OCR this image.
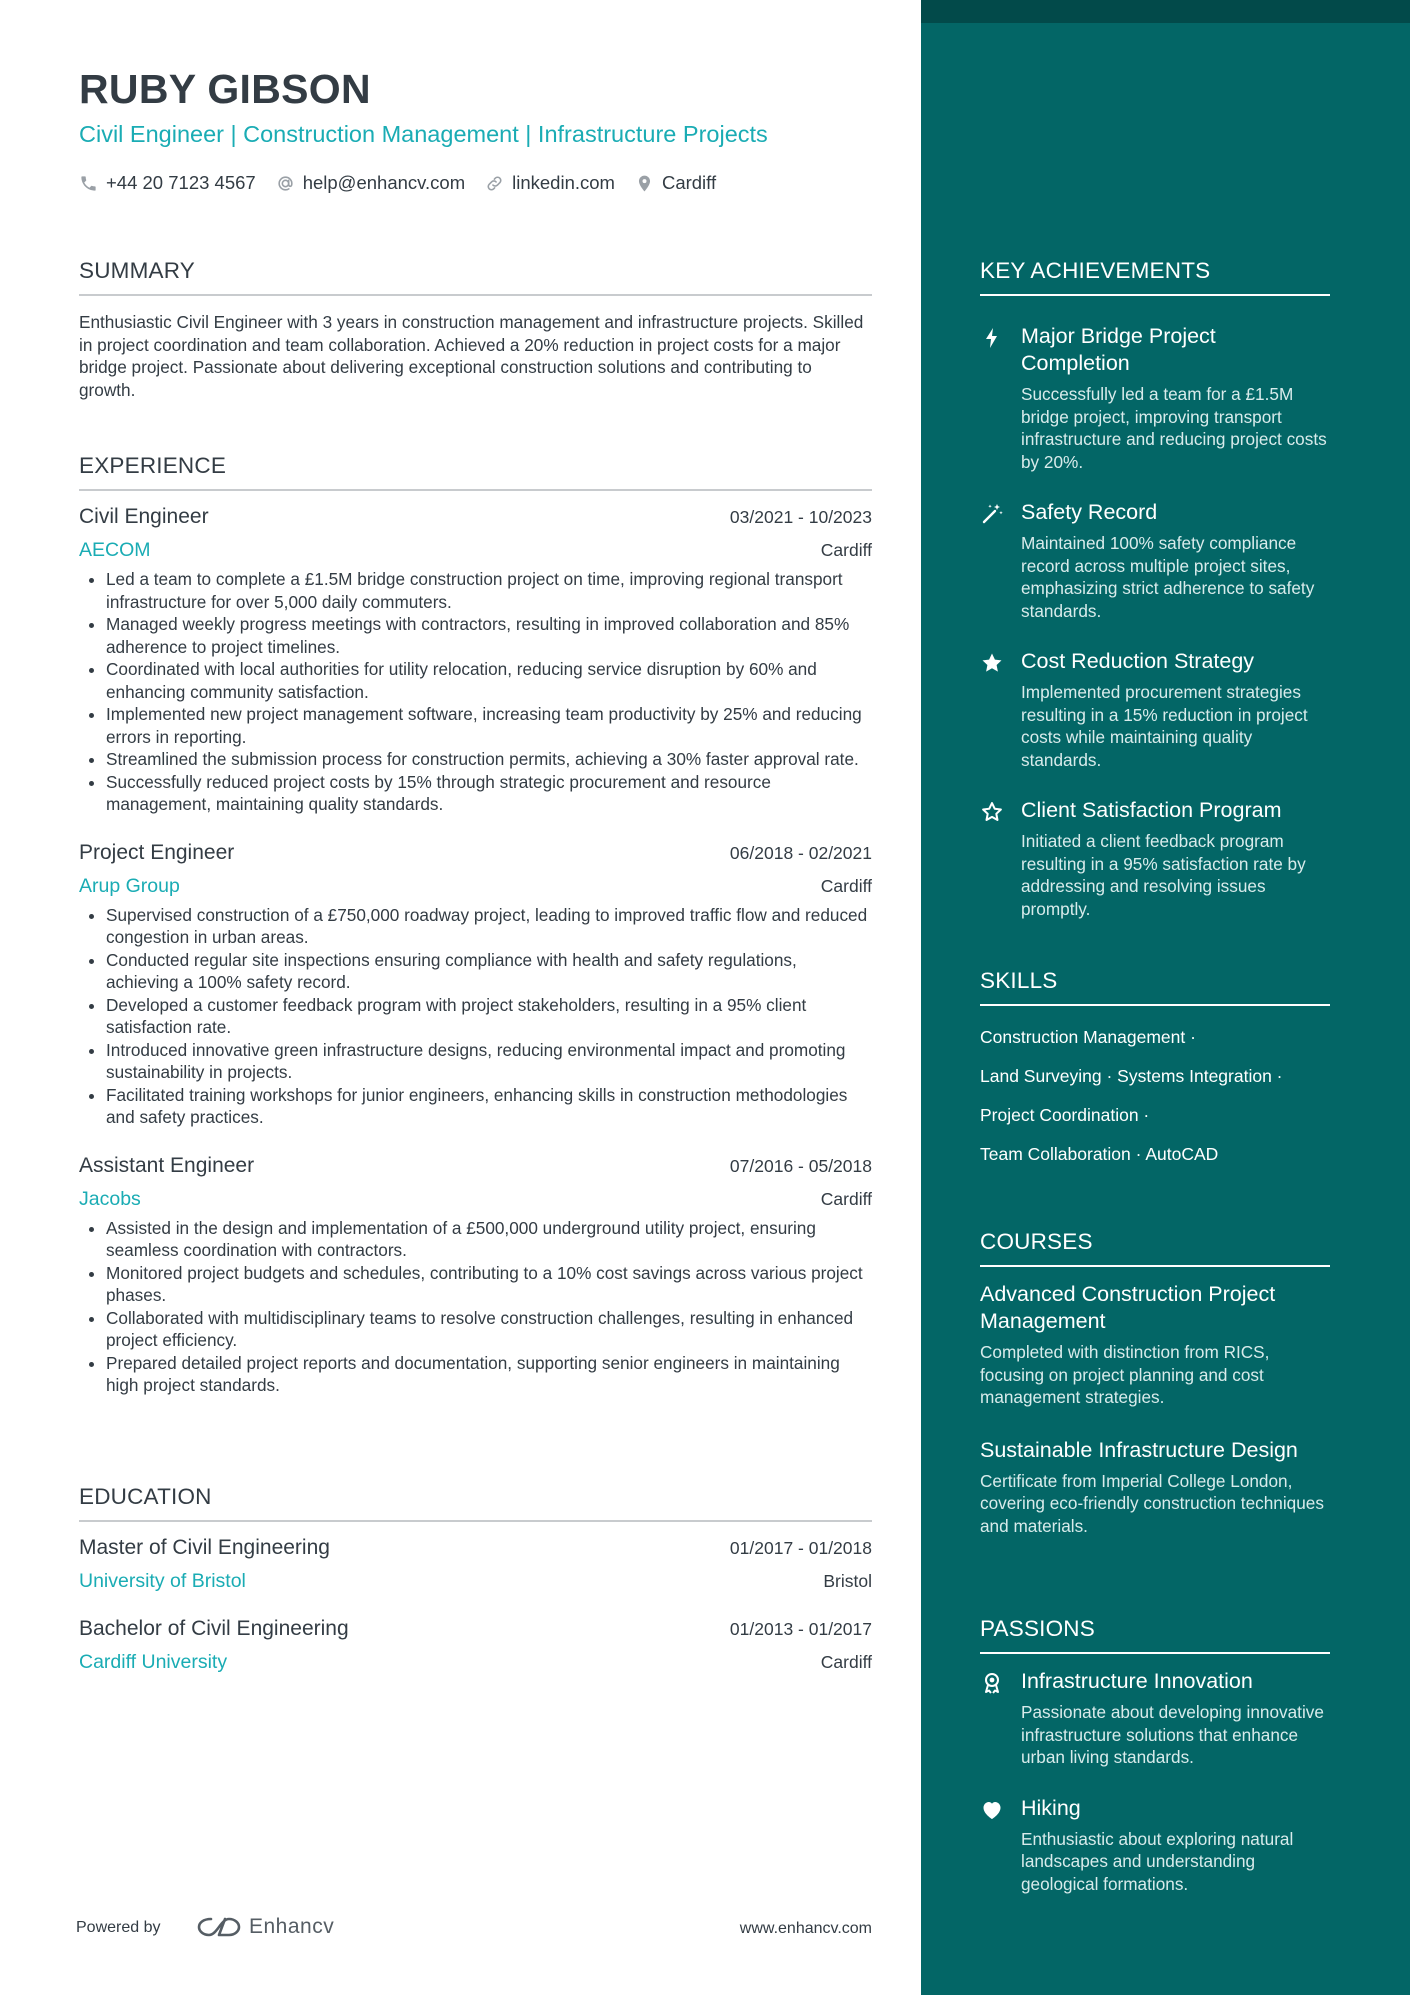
RUBY GIBSON
Civil Engineer | Construction Management | Infrastructure Projects
+44 20 7123 4567	help@enhancv.com	linkedin.com	Cardiff
SUMMARY
Enthusiastic Civil Engineer with 3 years in construction management and infrastructure projects. Skilled in project coordination and team collaboration. Achieved a 20% reduction in project costs for a major bridge project. Passionate about delivering exceptional construction solutions and contributing to growth.
EXPERIENCE
Civil Engineer	03/2021 - 10/2023
AECOM	Cardiff
• Led a team to complete a £1.5M bridge construction project on time, improving regional transport infrastructure for over 5,000 daily commuters.
• Managed weekly progress meetings with contractors, resulting in improved collaboration and 85% adherence to project timelines.
• Coordinated with local authorities for utility relocation, reducing service disruption by 60% and enhancing community satisfaction.
• Implemented new project management software, increasing team productivity by 25% and reducing errors in reporting.
• Streamlined the submission process for construction permits, achieving a 30% faster approval rate.
• Successfully reduced project costs by 15% through strategic procurement and resource management, maintaining quality standards.
Project Engineer	06/2018 - 02/2021
Arup Group	Cardiff
• Supervised construction of a £750,000 roadway project, leading to improved traffic flow and reduced congestion in urban areas.
• Conducted regular site inspections ensuring compliance with health and safety regulations, achieving a 100% safety record.
• Developed a customer feedback program with project stakeholders, resulting in a 95% client satisfaction rate.
• Introduced innovative green infrastructure designs, reducing environmental impact and promoting sustainability in projects.
• Facilitated training workshops for junior engineers, enhancing skills in construction methodologies and safety practices.
Assistant Engineer	07/2016 - 05/2018
Jacobs	Cardiff
• Assisted in the design and implementation of a £500,000 underground utility project, ensuring seamless coordination with contractors.
• Monitored project budgets and schedules, contributing to a 10% cost savings across various project phases.
• Collaborated with multidisciplinary teams to resolve construction challenges, resulting in enhanced project efficiency.
• Prepared detailed project reports and documentation, supporting senior engineers in maintaining high project standards.
EDUCATION
Master of Civil Engineering	01/2017 - 01/2018
University of Bristol	Bristol
Bachelor of Civil Engineering	01/2013 - 01/2017
Cardiff University	Cardiff
www.enhancv.com
Powered by	Enhancv
KEY ACHIEVEMENTS
Major Bridge Project Completion
Successfully led a team for a £1.5M bridge project, improving transport infrastructure and reducing project costs by 20%.
Safety Record
Maintained 100% safety compliance record across multiple project sites, emphasizing strict adherence to safety standards.
Cost Reduction Strategy
Implemented procurement strategies resulting in a 15% reduction in project costs while maintaining quality standards.
Client Satisfaction Program
Initiated a client feedback program resulting in a 95% satisfaction rate by addressing and resolving issues promptly.
SKILLS
Construction Management ·
Land Surveying · Systems Integration ·
Project Coordination ·
Team Collaboration · AutoCAD
COURSES
Advanced Construction Project Management
Completed with distinction from RICS, focusing on project planning and cost management strategies.
Sustainable Infrastructure Design
Certificate from Imperial College London, covering eco-friendly construction techniques and materials.
PASSIONS
Infrastructure Innovation
Passionate about developing innovative infrastructure solutions that enhance urban living standards.
Hiking
Enthusiastic about exploring natural landscapes and understanding geological formations.
